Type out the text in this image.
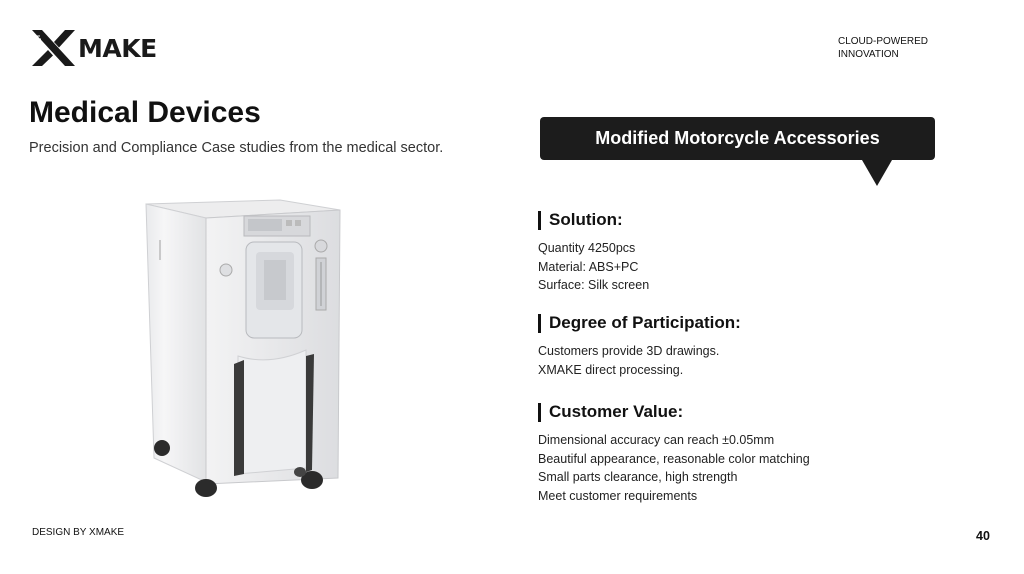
MAKE	CLOUD-POWERED
INNOVATION
Medical Devices
Precision and Compliance Case studies from the medical sector.	Modified Motorcycle Accessories
Solution:
Quantity 4250pcs
Material: ABS+PC
Surface: Silk screen
Degree of Participation:
Customers provide 3D drawings.
XMAKE direct processing.
Customer Value:
Dimensional accuracy can reach ±0.05mm
Beautiful appearance, reasonable color matching
Small parts clearance, high strength
Meet customer requirements
DESIGN BY XMAKE	40
